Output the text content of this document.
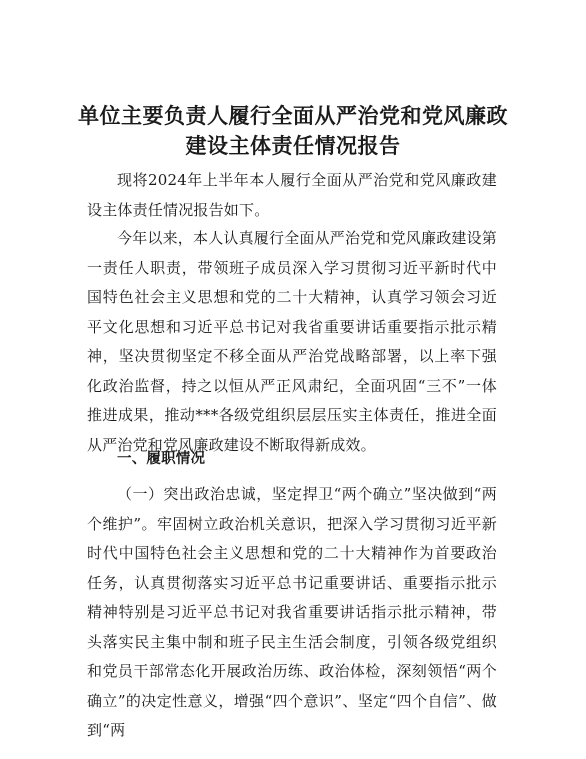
单位主要负责人履行全面从严治党和党风廉政
建设主体责任情况报告

现将2024年上半年本人履行全面从严治党和党风廉政建设主体责任情况报告如下。

今年以来，本人认真履行全面从严治党和党风廉政建设第一责任人职责，带领班子成员深入学习贯彻习近平新时代中国特色社会主义思想和党的二十大精神，认真学习领会习近平文化思想和习近平总书记对我省重要讲话重要指示批示精神，坚决贯彻坚定不移全面从严治党战略部署，以上率下强化政治监督，持之以恒从严正风肃纪，全面巩固“三不”一体推进成果，推动***各级党组织层层压实主体责任，推进全面从严治党和党风廉政建设不断取得新成效。

一、履职情况

（一）突出政治忠诚，坚定捍卫“两个确立”坚决做到“两个维护”。牢固树立政治机关意识，把深入学习贯彻习近平新时代中国特色社会主义思想和党的二十大精神作为首要政治任务，认真贯彻落实习近平总书记重要讲话、重要指示批示精神特别是习近平总书记对我省重要讲话指示批示精神，带头落实民主集中制和班子民主生活会制度，引领各级党组织和党员干部常态化开展政治历练、政治体检，深刻领悟“两个确立”的决定性意义，增强“四个意识”、坚定“四个自信”、做到“两
